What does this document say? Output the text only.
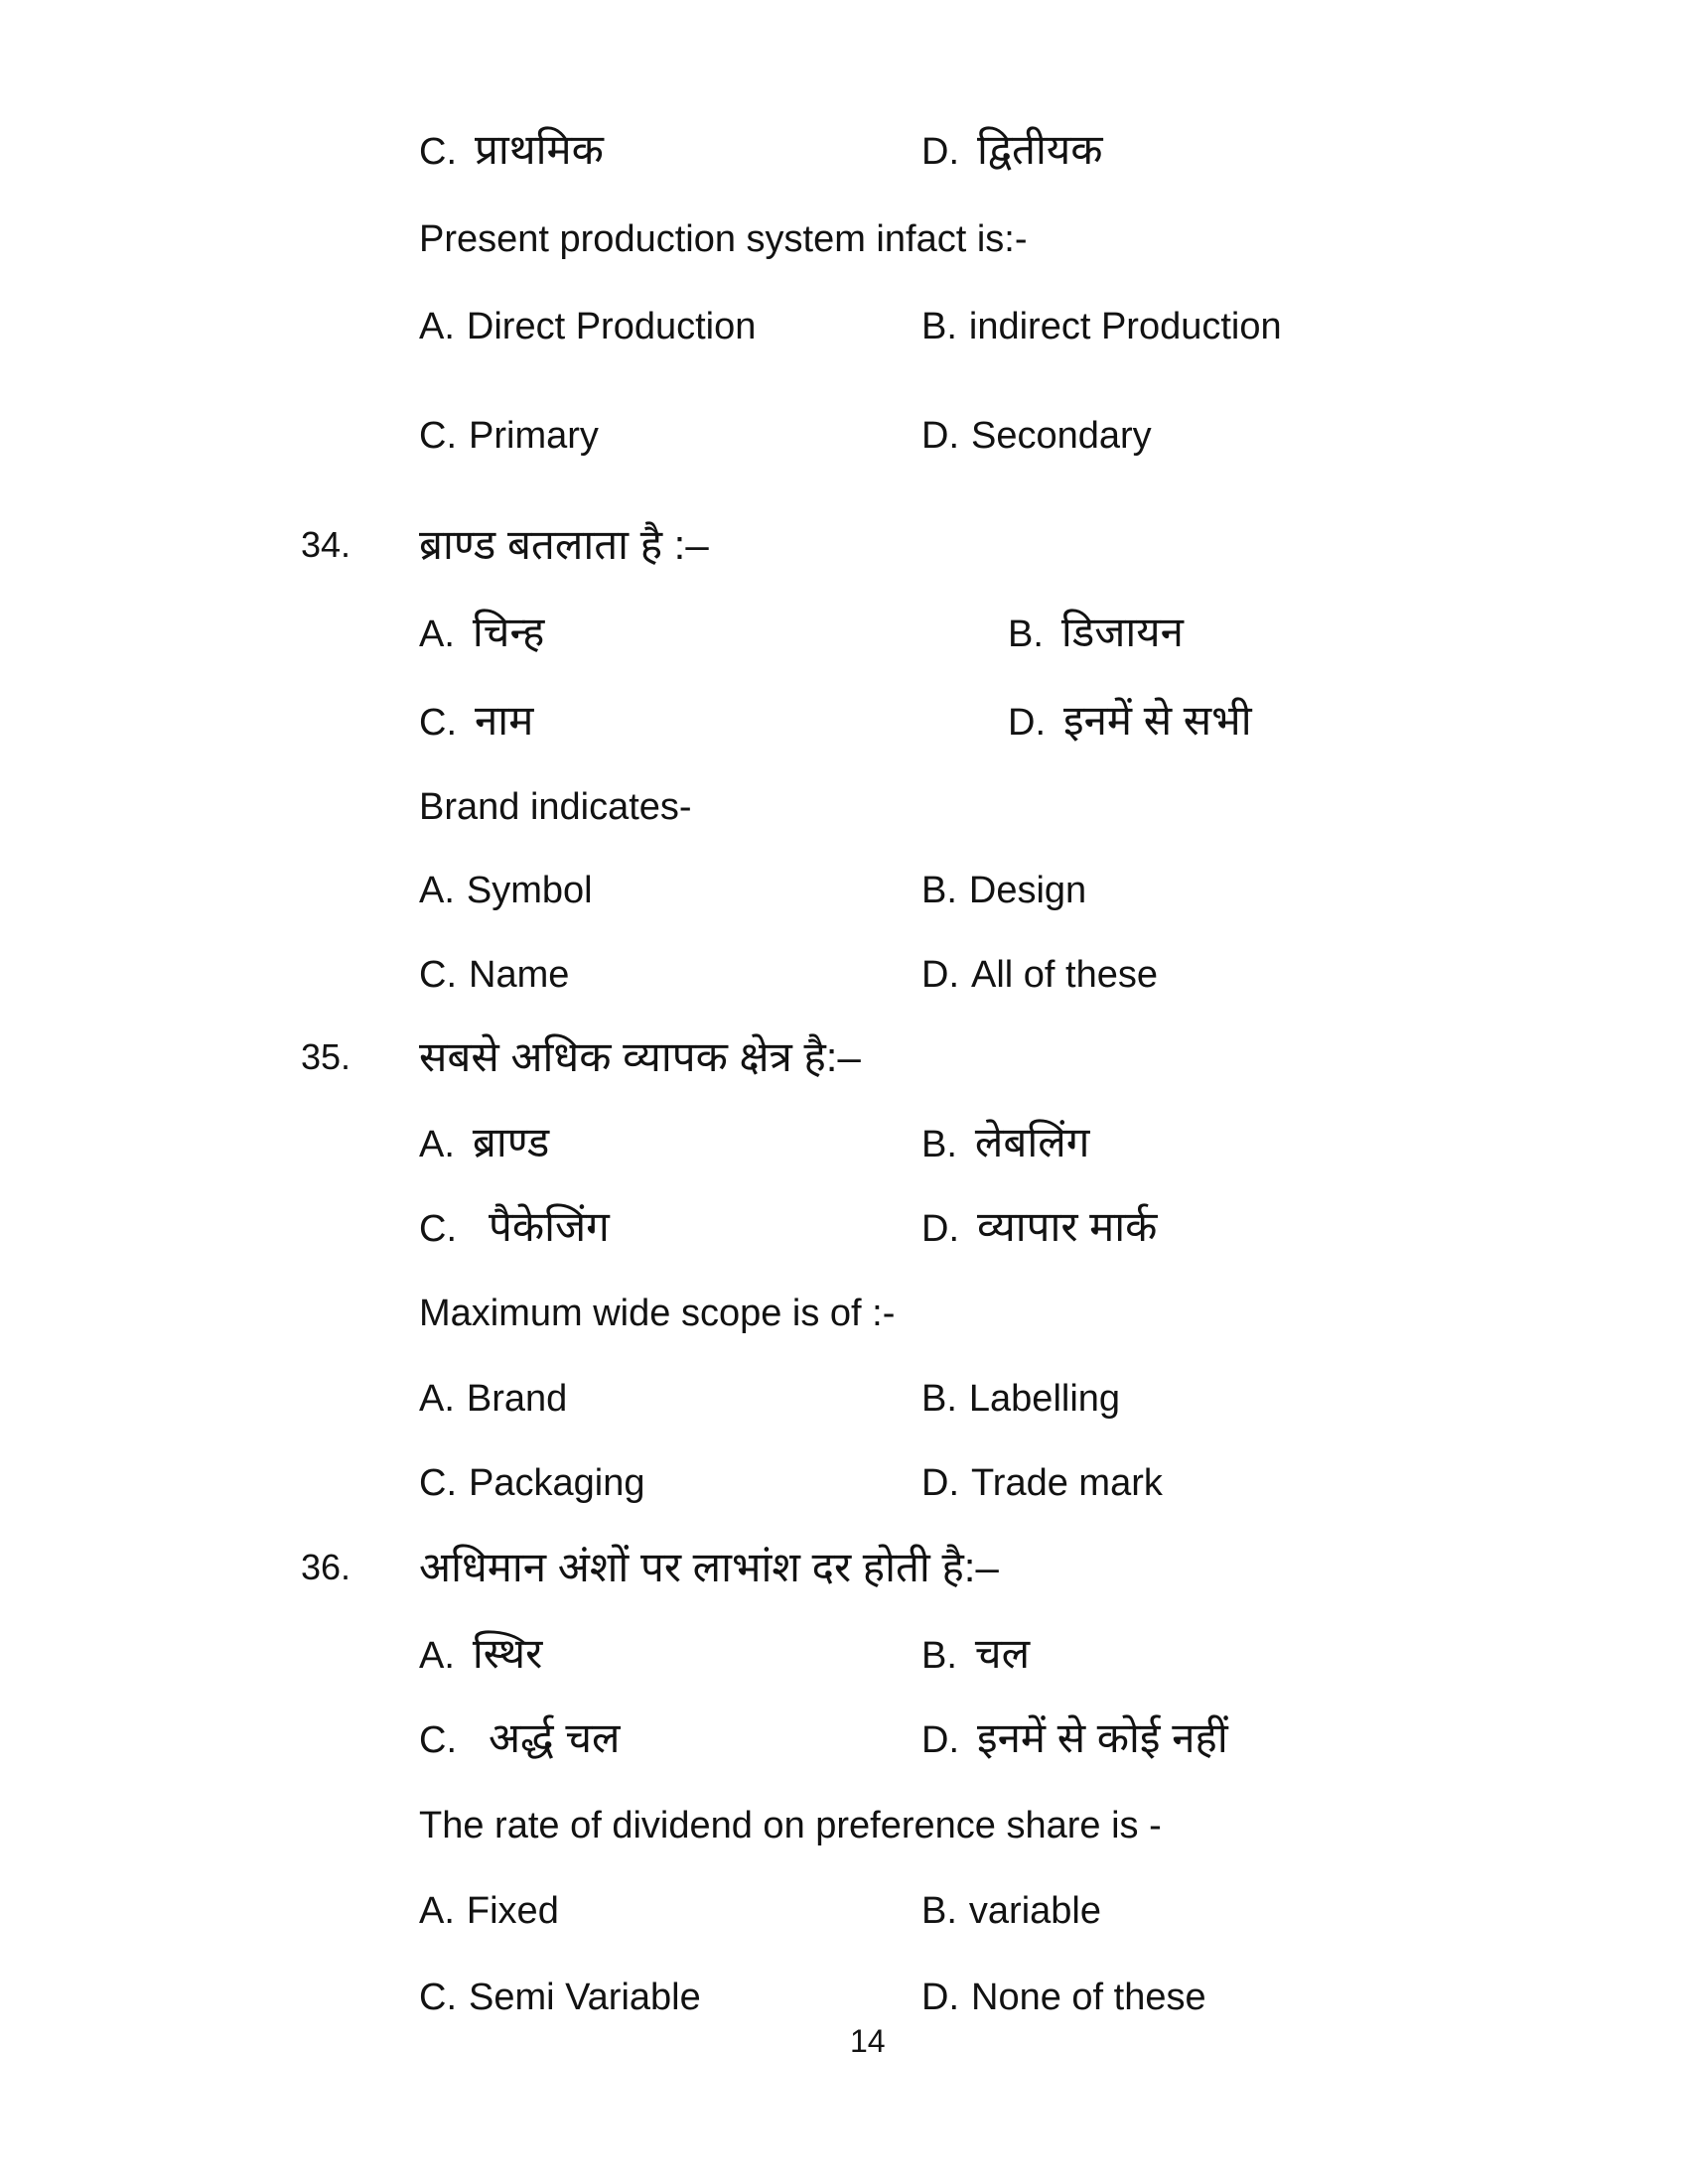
C. प्राथमिक	D. द्वितीयक
Present production system infact is:-
A. Direct Production	B. indirect Production
C. Primary	D. Secondary
34. ब्राण्ड बतलाता है :–
A. चिन्ह	B. डिजायन
C. नाम	D. इनमें से सभी
Brand indicates-
A. Symbol	B. Design
C. Name	D. All of these
35. सबसे अधिक व्यापक क्षेत्र है:–
A. ब्राण्ड	B. लेबलिंग
C. पैकेजिंग	D. व्यापार मार्क
Maximum wide scope is of :-
A. Brand	B. Labelling
C. Packaging	D. Trade mark
36. अधिमान अंशों पर लाभांश दर होती है:–
A. स्थिर	B. चल
C. अर्द्ध चल	D. इनमें से कोई नहीं
The rate of dividend on preference share is -
A. Fixed	B. variable
C. Semi Variable	D. None of these
14
